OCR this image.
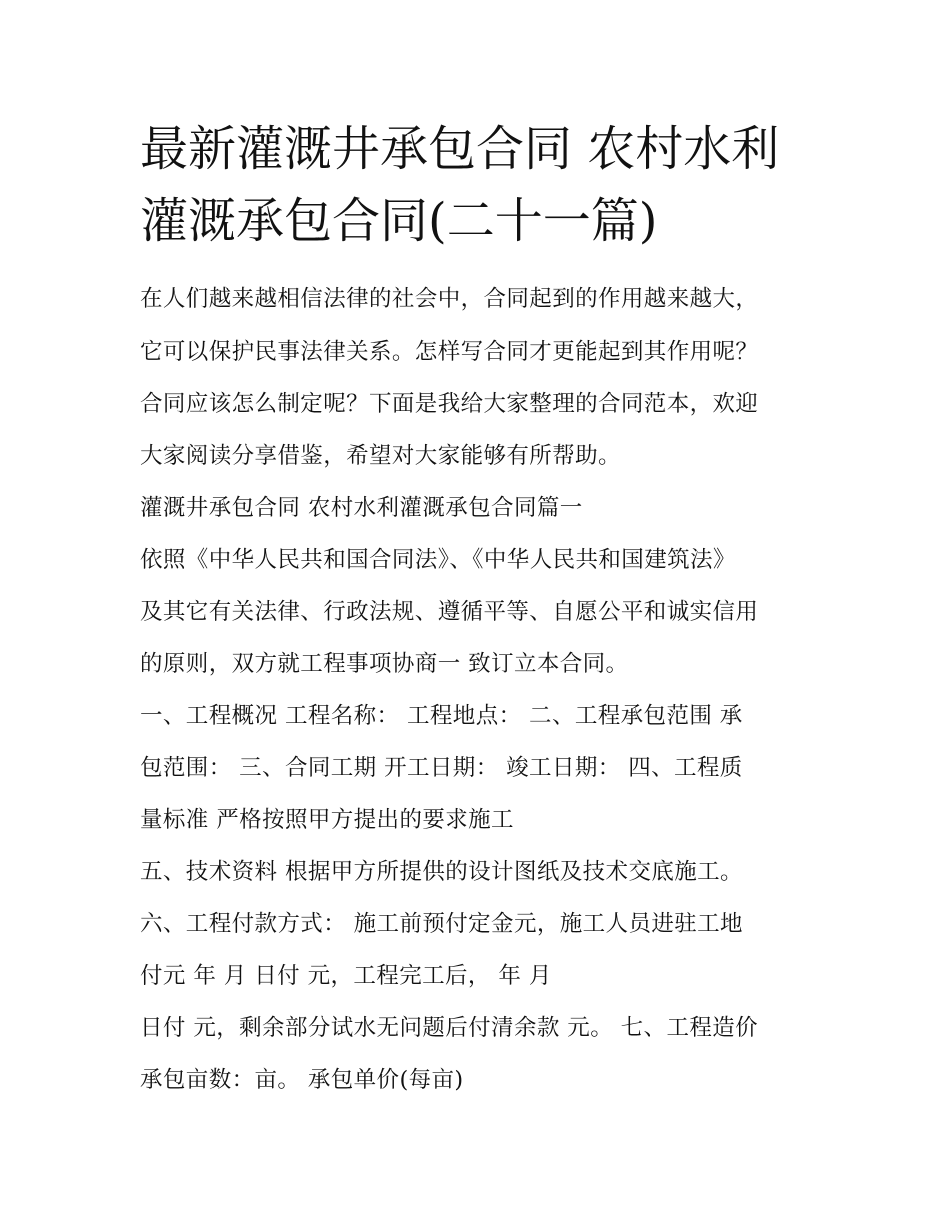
最新灌溉井承包合同 农村水利
灌溉承包合同(二十一篇)

在人们越来越相信法律的社会中，合同起到的作用越来越大，

它可以保护民事法律关系。怎样写合同才更能起到其作用呢？

合同应该怎么制定呢？下面是我给大家整理的合同范本，欢迎

大家阅读分享借鉴，希望对大家能够有所帮助。

灌溉井承包合同 农村水利灌溉承包合同篇一

依照《中华人民共和国合同法》、《中华人民共和国建筑法》

及其它有关法律、行政法规、遵循平等、自愿公平和诚实信用

的原则，双方就工程事项协商一 致订立本合同。

一、工程概况 工程名称： 工程地点： 二、工程承包范围 承

包范围： 三、合同工期 开工日期： 竣工日期： 四、工程质

量标准 严格按照甲方提出的要求施工

五、技术资料 根据甲方所提供的设计图纸及技术交底施工。

六、工程付款方式： 施工前预付定金元，施工人员进驻工地

付元 年 月 日付 元，工程完工后， 年 月

日付 元，剩余部分试水无问题后付清余款 元。 七、工程造价

承包亩数：亩。 承包单价(每亩)
